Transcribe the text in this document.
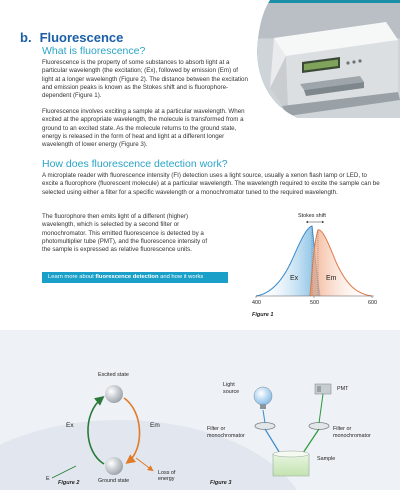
b. Fluorescence
What is fluorescence?
Fluorescence is the property of some substances to absorb light at a particular wavelength (the excitation; (Ex), followed by emission (Em) of light at a longer wavelength (Figure 2). The distance between the excitation and emission peaks is known as the Stokes shift and is fluorophore-dependent (Figure 1).
Fluorescence involves exciting a sample at a particular wavelength. When excited at the appropriate wavelength, the molecule is transformed from a ground to an excited state. As the molecule returns to the ground state, energy is released in the form of heat and light at a different longer wavelength of lower energy (Figure 3).
How does fluorescence detection work?
A microplate reader with fluorescence intensity (FI) detection uses a light source, usually a xenon flash lamp or LED, to excite a fluorophore (fluorescent molecule) at a particular wavelength. The wavelength required to excite the sample can be selected using either a filter for a specific wavelength or a monochromator tuned to the required wavelength.
The fluorophore then emits light of a different (higher) wavelength, which is selected by a second filter or monochromator. This emitted fluorescence is detected by a photomultiplier tube (PMT), and the fluorescence intensity of the sample is expressed as relative fluorescence units.
Learn more about fluorescence detection and how it works
Stokes shift
Ex	Em
400	500	600
Figure 1
Excited state
Ground state
Ex	Em
E
Loss of energy
Figure 2
Light source	PMT
Filter or monochromator
Filter or monochromator
Sample
Figure 3
